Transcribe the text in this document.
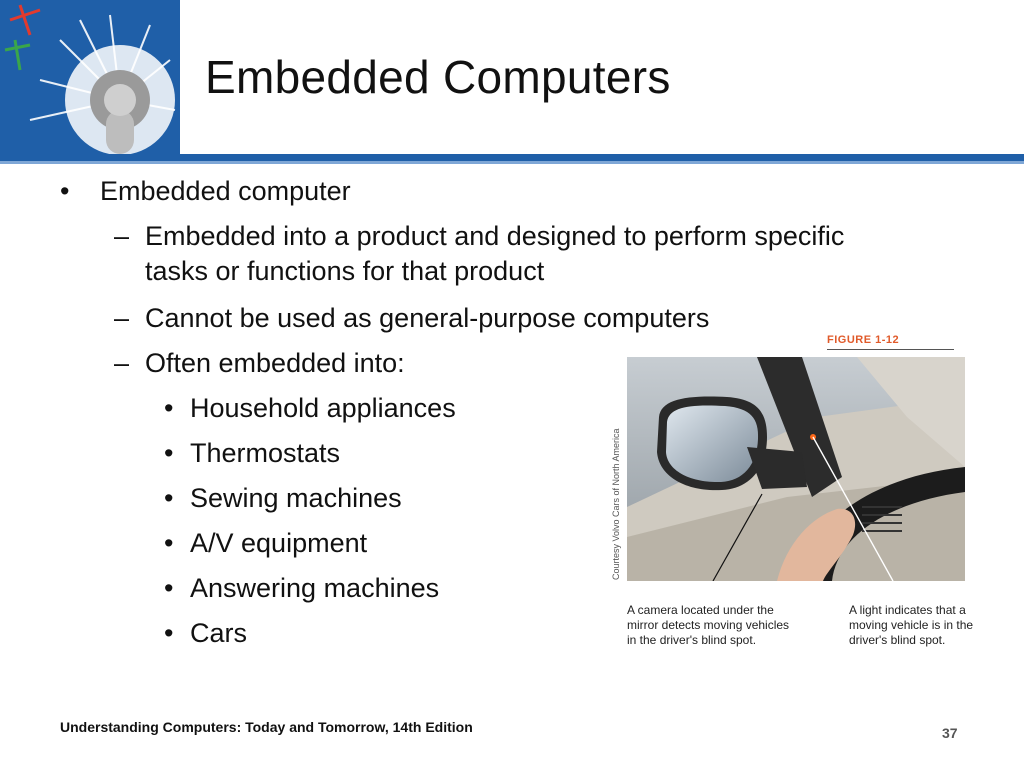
Embedded Computers
• Embedded computer
– Embedded into a product and designed to perform specific
tasks or functions for that product
– Cannot be used as general-purpose computers
– Often embedded into:
• Household appliances
• Thermostats
• Sewing machines
• A/V equipment
• Answering machines
• Cars
FIGURE 1-12
Courtesy Volvo Cars of North America
A camera located under the
mirror detects moving vehicles
in the driver's blind spot.
A light indicates that a
moving vehicle is in the
driver's blind spot.
Understanding Computers: Today and Tomorrow, 14th Edition	37
